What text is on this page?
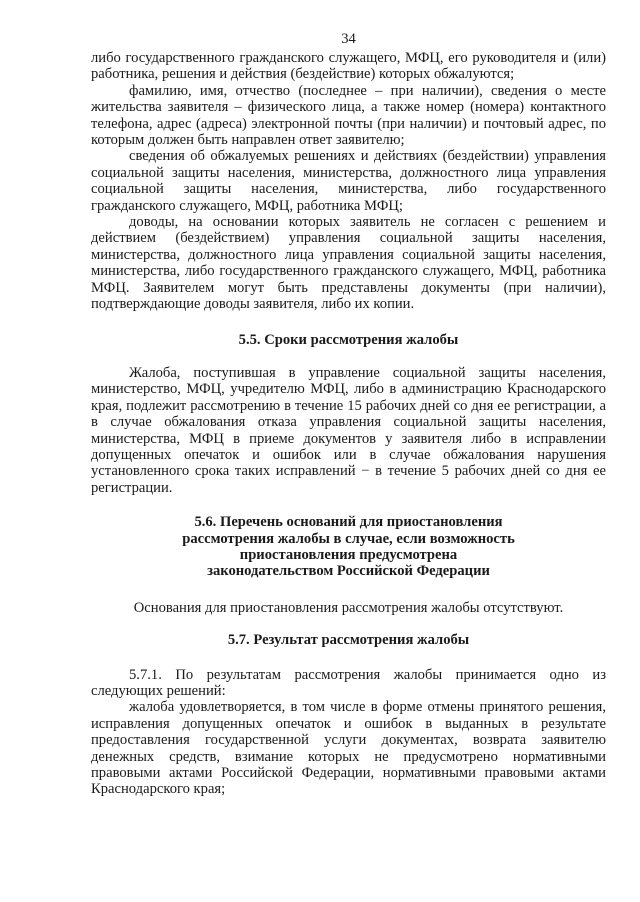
34

либо государственного гражданского служащего, МФЦ, его руководителя и (или) работника, решения и действия (бездействие) которых обжалуются;

фамилию, имя, отчество (последнее – при наличии), сведения о месте жительства заявителя – физического лица, а также номер (номера) контактного телефона, адрес (адреса) электронной почты (при наличии) и почтовый адрес, по которым должен быть направлен ответ заявителю;

сведения об обжалуемых решениях и действиях (бездействии) управления социальной защиты населения, министерства, должностного лица управления социальной защиты населения, министерства, либо государственного гражданского служащего, МФЦ, работника МФЦ;

доводы, на основании которых заявитель не согласен с решением и действием (бездействием) управления социальной защиты населения, министерства, должностного лица управления социальной защиты населения, министерства, либо государственного гражданского служащего, МФЦ, работника МФЦ. Заявителем могут быть представлены документы (при наличии), подтверждающие доводы заявителя, либо их копии.

5.5. Сроки рассмотрения жалобы

Жалоба, поступившая в управление социальной защиты населения, министерство, МФЦ, учредителю МФЦ, либо в администрацию Краснодарского края, подлежит рассмотрению в течение 15 рабочих дней со дня ее регистрации, а в случае обжалования отказа управления социальной защиты населения, министерства, МФЦ в приеме документов у заявителя либо в исправлении допущенных опечаток и ошибок или в случае обжалования нарушения установленного срока таких исправлений − в течение 5 рабочих дней со дня ее регистрации.

5.6. Перечень оснований для приостановления
рассмотрения жалобы в случае, если возможность
приостановления предусмотрена
законодательством Российской Федерации

Основания для приостановления рассмотрения жалобы отсутствуют.

5.7. Результат рассмотрения жалобы

5.7.1. По результатам рассмотрения жалобы принимается одно из следующих решений:

жалоба удовлетворяется, в том числе в форме отмены принятого решения, исправления допущенных опечаток и ошибок в выданных в результате предоставления государственной услуги документах, возврата заявителю денежных средств, взимание которых не предусмотрено нормативными правовыми актами Российской Федерации, нормативными правовыми актами Краснодарского края;
